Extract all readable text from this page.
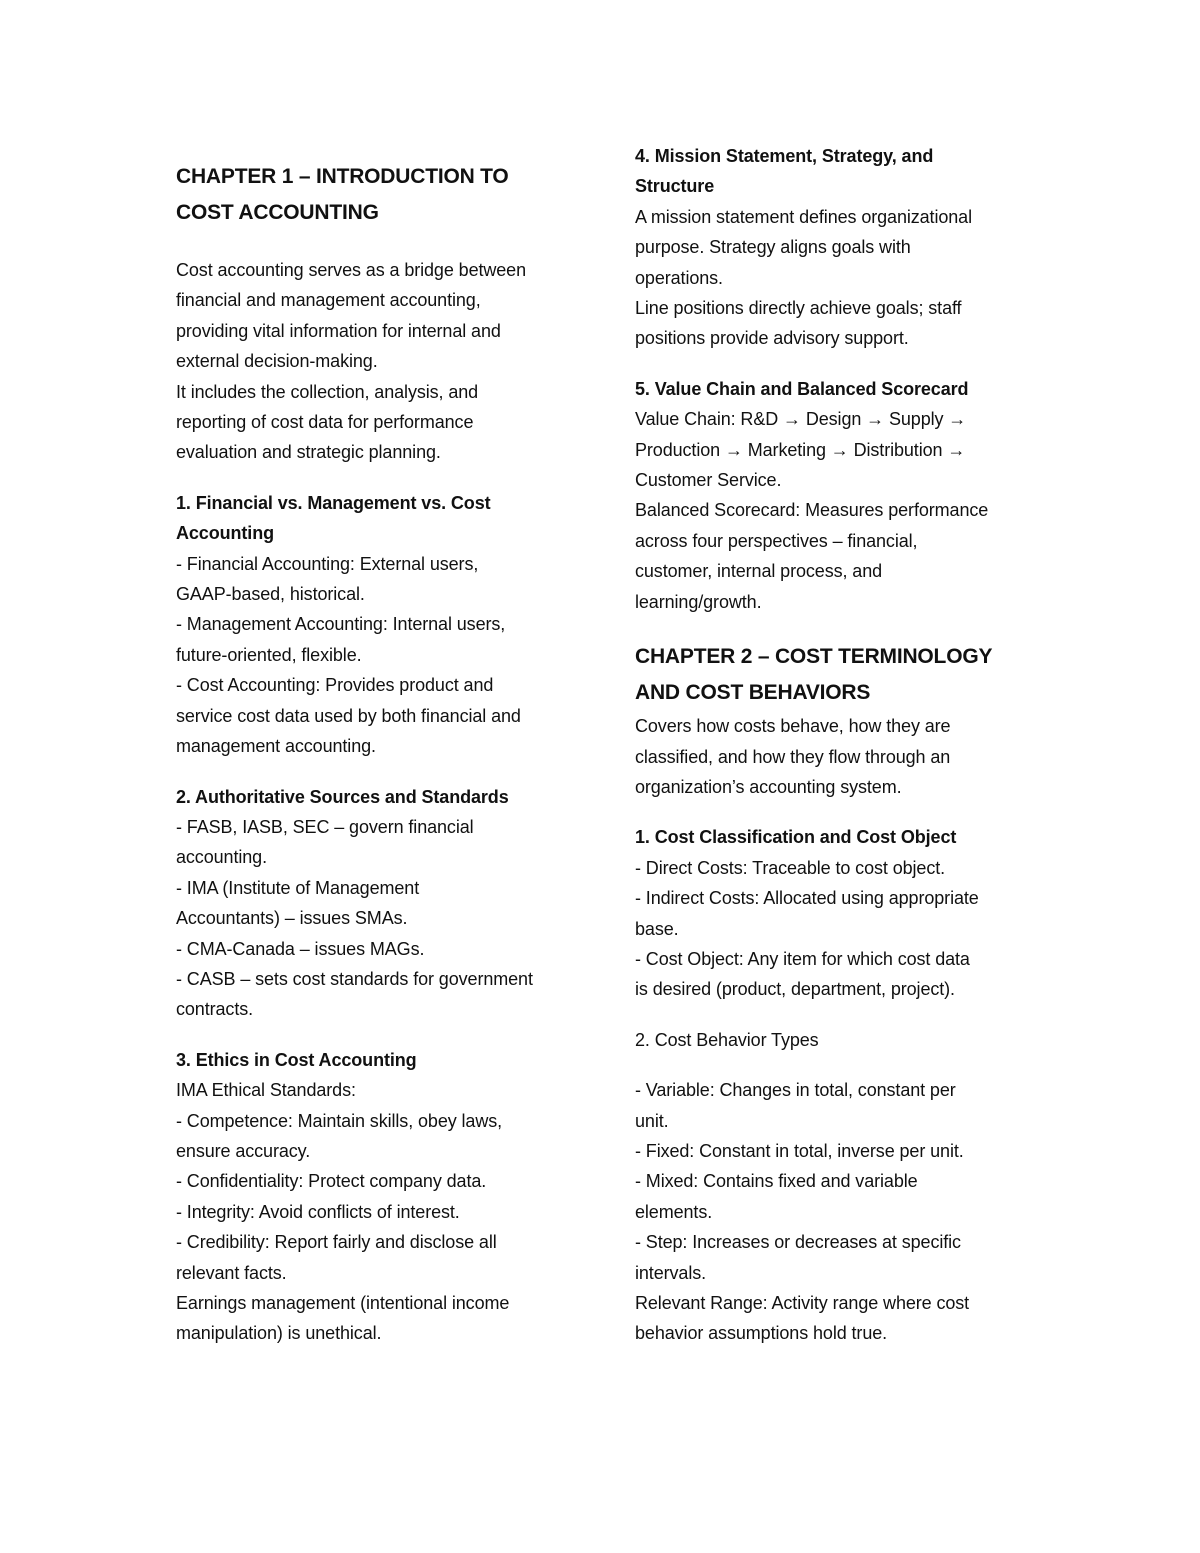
CHAPTER 1 – INTRODUCTION TO
COST ACCOUNTING

Cost accounting serves as a bridge between

financial and management accounting,

providing vital information for internal and

external decision-making.

It includes the collection, analysis, and

reporting of cost data for performance

evaluation and strategic planning.

1. Financial vs. Management vs. Cost

Accounting

- Financial Accounting: External users,

GAAP-based, historical.

- Management Accounting: Internal users,

future-oriented, flexible.

- Cost Accounting: Provides product and

service cost data used by both financial and

management accounting.

2. Authoritative Sources and Standards

- FASB, IASB, SEC – govern financial

accounting.

- IMA (Institute of Management

Accountants) – issues SMAs.

- CMA-Canada – issues MAGs.

- CASB – sets cost standards for government

contracts.

3. Ethics in Cost Accounting

IMA Ethical Standards:

- Competence: Maintain skills, obey laws,

ensure accuracy.

- Confidentiality: Protect company data.

- Integrity: Avoid conflicts of interest.

- Credibility: Report fairly and disclose all

relevant facts.

Earnings management (intentional income

manipulation) is unethical.

4. Mission Statement, Strategy, and

Structure

A mission statement defines organizational

purpose. Strategy aligns goals with

operations.

Line positions directly achieve goals; staff

positions provide advisory support.

5. Value Chain and Balanced Scorecard

Value Chain: R&D → Design → Supply →

Production → Marketing → Distribution →

Customer Service.

Balanced Scorecard: Measures performance

across four perspectives – financial,

customer, internal process, and

learning/growth.

CHAPTER 2 – COST TERMINOLOGY
AND COST BEHAVIORS

Covers how costs behave, how they are

classified, and how they flow through an

organization’s accounting system.

1. Cost Classification and Cost Object

- Direct Costs: Traceable to cost object.

- Indirect Costs: Allocated using appropriate

base.

- Cost Object: Any item for which cost data

is desired (product, department, project).

2. Cost Behavior Types

- Variable: Changes in total, constant per

unit.

- Fixed: Constant in total, inverse per unit.

- Mixed: Contains fixed and variable

elements.

- Step: Increases or decreases at specific

intervals.

Relevant Range: Activity range where cost

behavior assumptions hold true.
